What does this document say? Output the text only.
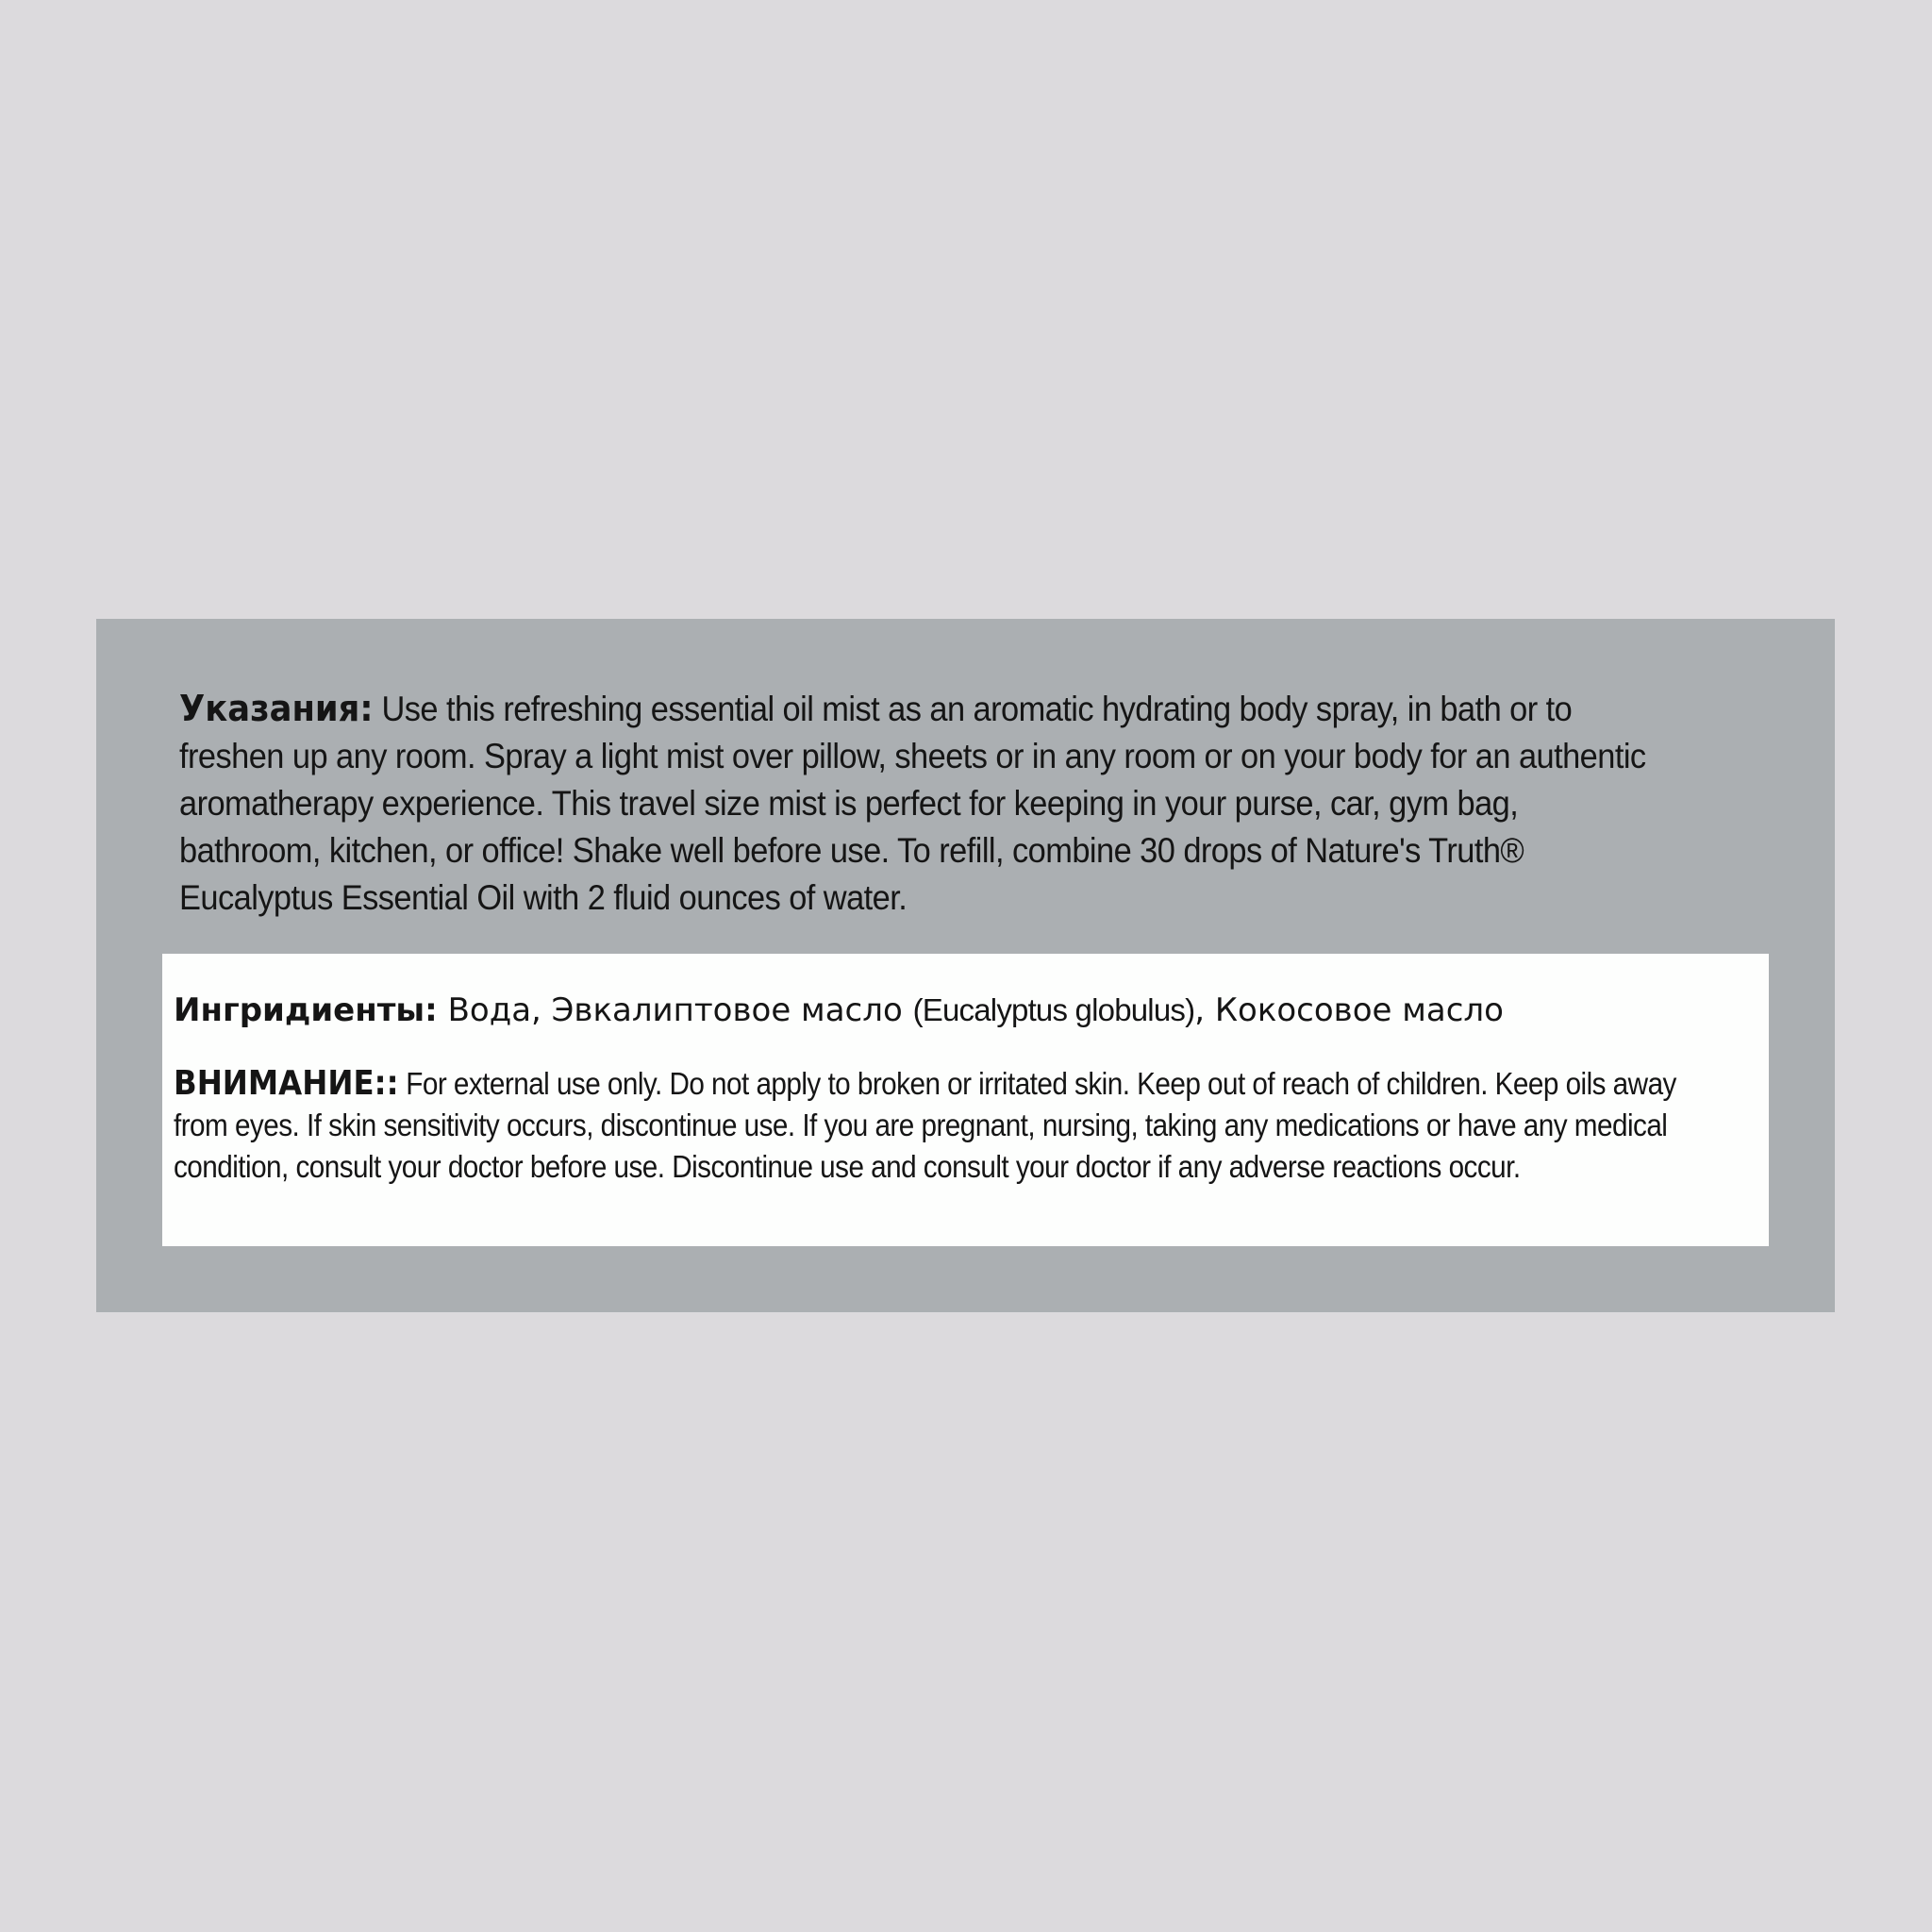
Указания: Use this refreshing essential oil mist as an aromatic hydrating body spray, in bath or to freshen up any room. Spray a light mist over pillow, sheets or in any room or on your body for an authentic aromatherapy experience. This travel size mist is perfect for keeping in your purse, car, gym bag, bathroom, kitchen, or office! Shake well before use. To refill, combine 30 drops of Nature's Truth® Eucalyptus Essential Oil with 2 fluid ounces of water.
Ингридиенты: Вода, Эвкалиптовое масло (Eucalyptus globulus), Кокосовое масло
ВНИМАНИЕ:: For external use only. Do not apply to broken or irritated skin. Keep out of reach of children. Keep oils away from eyes. If skin sensitivity occurs, discontinue use. If you are pregnant, nursing, taking any medications or have any medical condition, consult your doctor before use. Discontinue use and consult your doctor if any adverse reactions occur.
